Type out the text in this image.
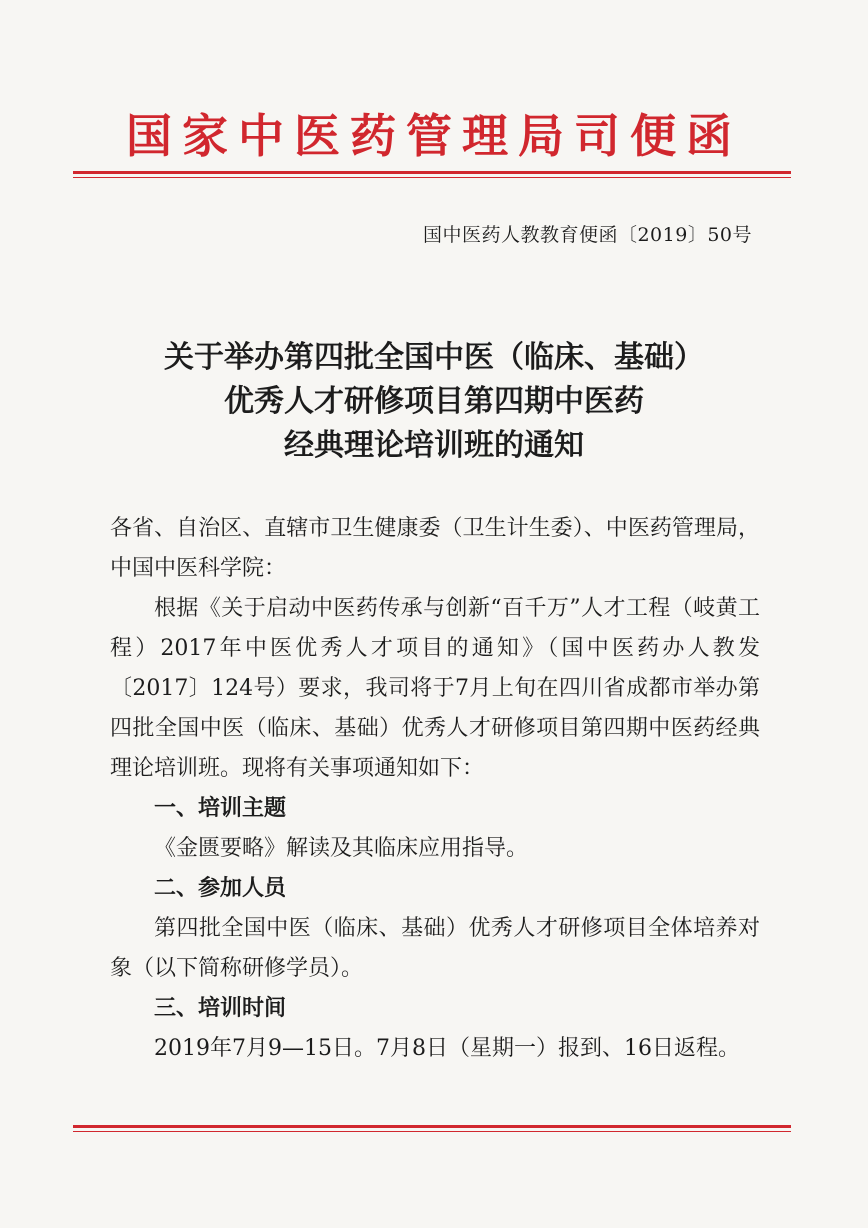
国家中医药管理局司便函
国中医药人教教育便函〔2019〕50号
关于举办第四批全国中医（临床、基础）
优秀人才研修项目第四期中医药
经典理论培训班的通知

各省、自治区、直辖市卫生健康委（卫生计生委）、中医药管理局，中国中医科学院：

根据《关于启动中医药传承与创新“百千万”人才工程（岐黄工程）2017年中医优秀人才项目的通知》（国中医药办人教发〔2017〕124号）要求，我司将于7月上旬在四川省成都市举办第四批全国中医（临床、基础）优秀人才研修项目第四期中医药经典理论培训班。现将有关事项通知如下：

一、培训主题

《金匮要略》解读及其临床应用指导。

二、参加人员

第四批全国中医（临床、基础）优秀人才研修项目全体培养对象（以下简称研修学员）。

三、培训时间

2019年7月9—15日。7月8日（星期一）报到、16日返程。
